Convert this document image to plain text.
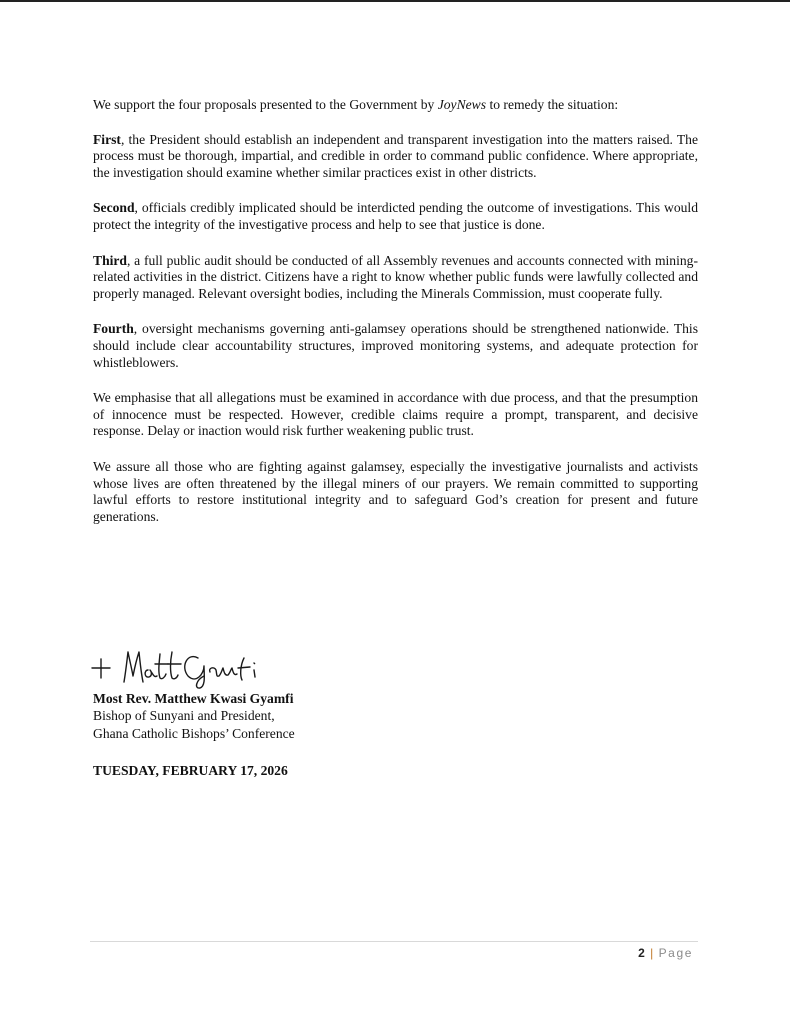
We support the four proposals presented to the Government by JoyNews to remedy the situation:

First, the President should establish an independent and transparent investigation into the matters raised. The process must be thorough, impartial, and credible in order to command public confidence. Where appropriate, the investigation should examine whether similar practices exist in other districts.

Second, officials credibly implicated should be interdicted pending the outcome of investigations. This would protect the integrity of the investigative process and help to see that justice is done.

Third, a full public audit should be conducted of all Assembly revenues and accounts connected with mining-related activities in the district. Citizens have a right to know whether public funds were lawfully collected and properly managed. Relevant oversight bodies, including the Minerals Commission, must cooperate fully.

Fourth, oversight mechanisms governing anti-galamsey operations should be strengthened nationwide. This should include clear accountability structures, improved monitoring systems, and adequate protection for whistleblowers.

We emphasise that all allegations must be examined in accordance with due process, and that the presumption of innocence must be respected. However, credible claims require a prompt, transparent, and decisive response. Delay or inaction would risk further weakening public trust.

We assure all those who are fighting against galamsey, especially the investigative journalists and activists whose lives are often threatened by the illegal miners of our prayers. We remain committed to supporting lawful efforts to restore institutional integrity and to safeguard God’s creation for present and future generations.

Most Rev. Matthew Kwasi Gyamfi
Bishop of Sunyani and President,
Ghana Catholic Bishops’ Conference
TUESDAY, FEBRUARY 17, 2026
2 | Page
